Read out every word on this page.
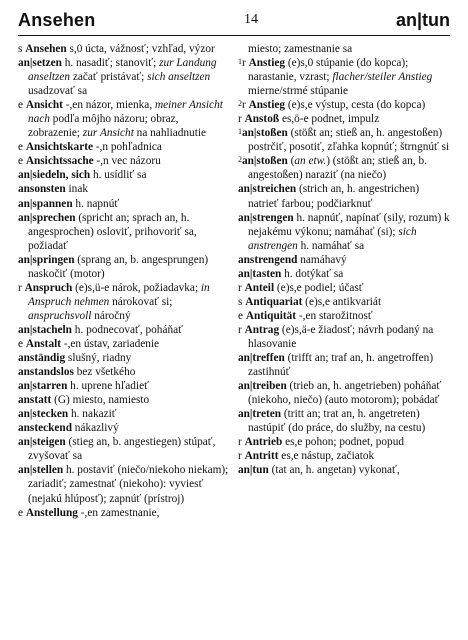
Ansehen	14	an|tun
s Ansehen s,0 úcta, vážnosť; vzhľad, výzor
an|setzen h. nasadiť; stanoviť; zur Landung anseltzen začať pristávať; sich anseltzen usadzovať sa
e Ansicht -,en názor, mienka, meiner Ansicht nach podľa môjho názoru; obraz, zobrazenie; zur Ansicht na nahliadnutie
e Ansichtskarte -,n pohľadnica
e Ansichtssache -,n vec názoru
an|siedeln, sich h. usídliť sa
ansonsten inak
an|spannen h. napnúť
an|sprechen (spricht an; sprach an, h. angesprochen) osloviť, prihovoriť sa, požiadať
an|springen (sprang an, b. angesprungen) naskočiť (motor)
r Anspruch (e)s,ü-e nárok, požiadavka; in Anspruch nehmen nárokovať si; anspruchsvoll náročný
an|stacheln h. podnecovať, poháňať
e Anstalt -,en ústav, zariadenie
anständig slušný, riadny
anstandslos bez všetkého
an|starren h. uprene hľadieť
anstatt (G) miesto, namiesto
an|stecken h. nakaziť
ansteckend nákazlivý
an|steigen (stieg an, b. angestiegen) stúpať, zvyšovať sa
an|stellen h. postaviť (niečo/niekoho niekam); zariadiť; zamestnať (niekoho): vyviesť (nejakú hlúposť); zapnúť (prístroj)
e Anstellung -,en zamestnanie,
miesto; zamestnanie sa
$^1$r Anstieg (e)s,0 stúpanie (do kopca); narastanie, vzrast; flacher/steiler Anstieg mierne/strmé stúpanie
$^2$r Anstieg (e)s,e výstup, cesta (do kopca)
r Anstoß es,ö-e podnet, impulz
$^1$an|stoßen (stößt an; stieß an, h. angestoßen) postrčiť, posotiť, zľahka kopnúť; štrngnúť si
$^2$an|stoßen (an etw.) (stößt an; stieß an, b. angestoßen) naraziť (na niečo)
an|streichen (strich an, h. angestrichen) natrieť farbou; podčiarknuť
an|strengen h. napnúť, napínať (sily, rozum) k nejakému výkonu; namáhať (si); sich anstrengen h. namáhať sa
anstrengend namáhavý
an|tasten h. dotýkať sa
r Anteil (e)s,e podiel; účasť
s Antiquariat (e)s,e antikvariát
e Antiquität -,en starožitnosť
r Antrag (e)s,ä-e žiadosť; návrh podaný na hlasovanie
an|treffen (trifft an; traf an, h. angetroffen) zastihnúť
an|treiben (trieb an, h. angetrieben) poháňať (niekoho, niečo) (auto motorom); pobádať
an|treten (tritt an; trat an, h. angetreten) nastúpiť (do práce, do služby, na cestu)
r Antrieb es,e pohon; podnet, popud
r Antritt es,e nástup, začiatok
an|tun (tat an, h. angetan) vykonať,
